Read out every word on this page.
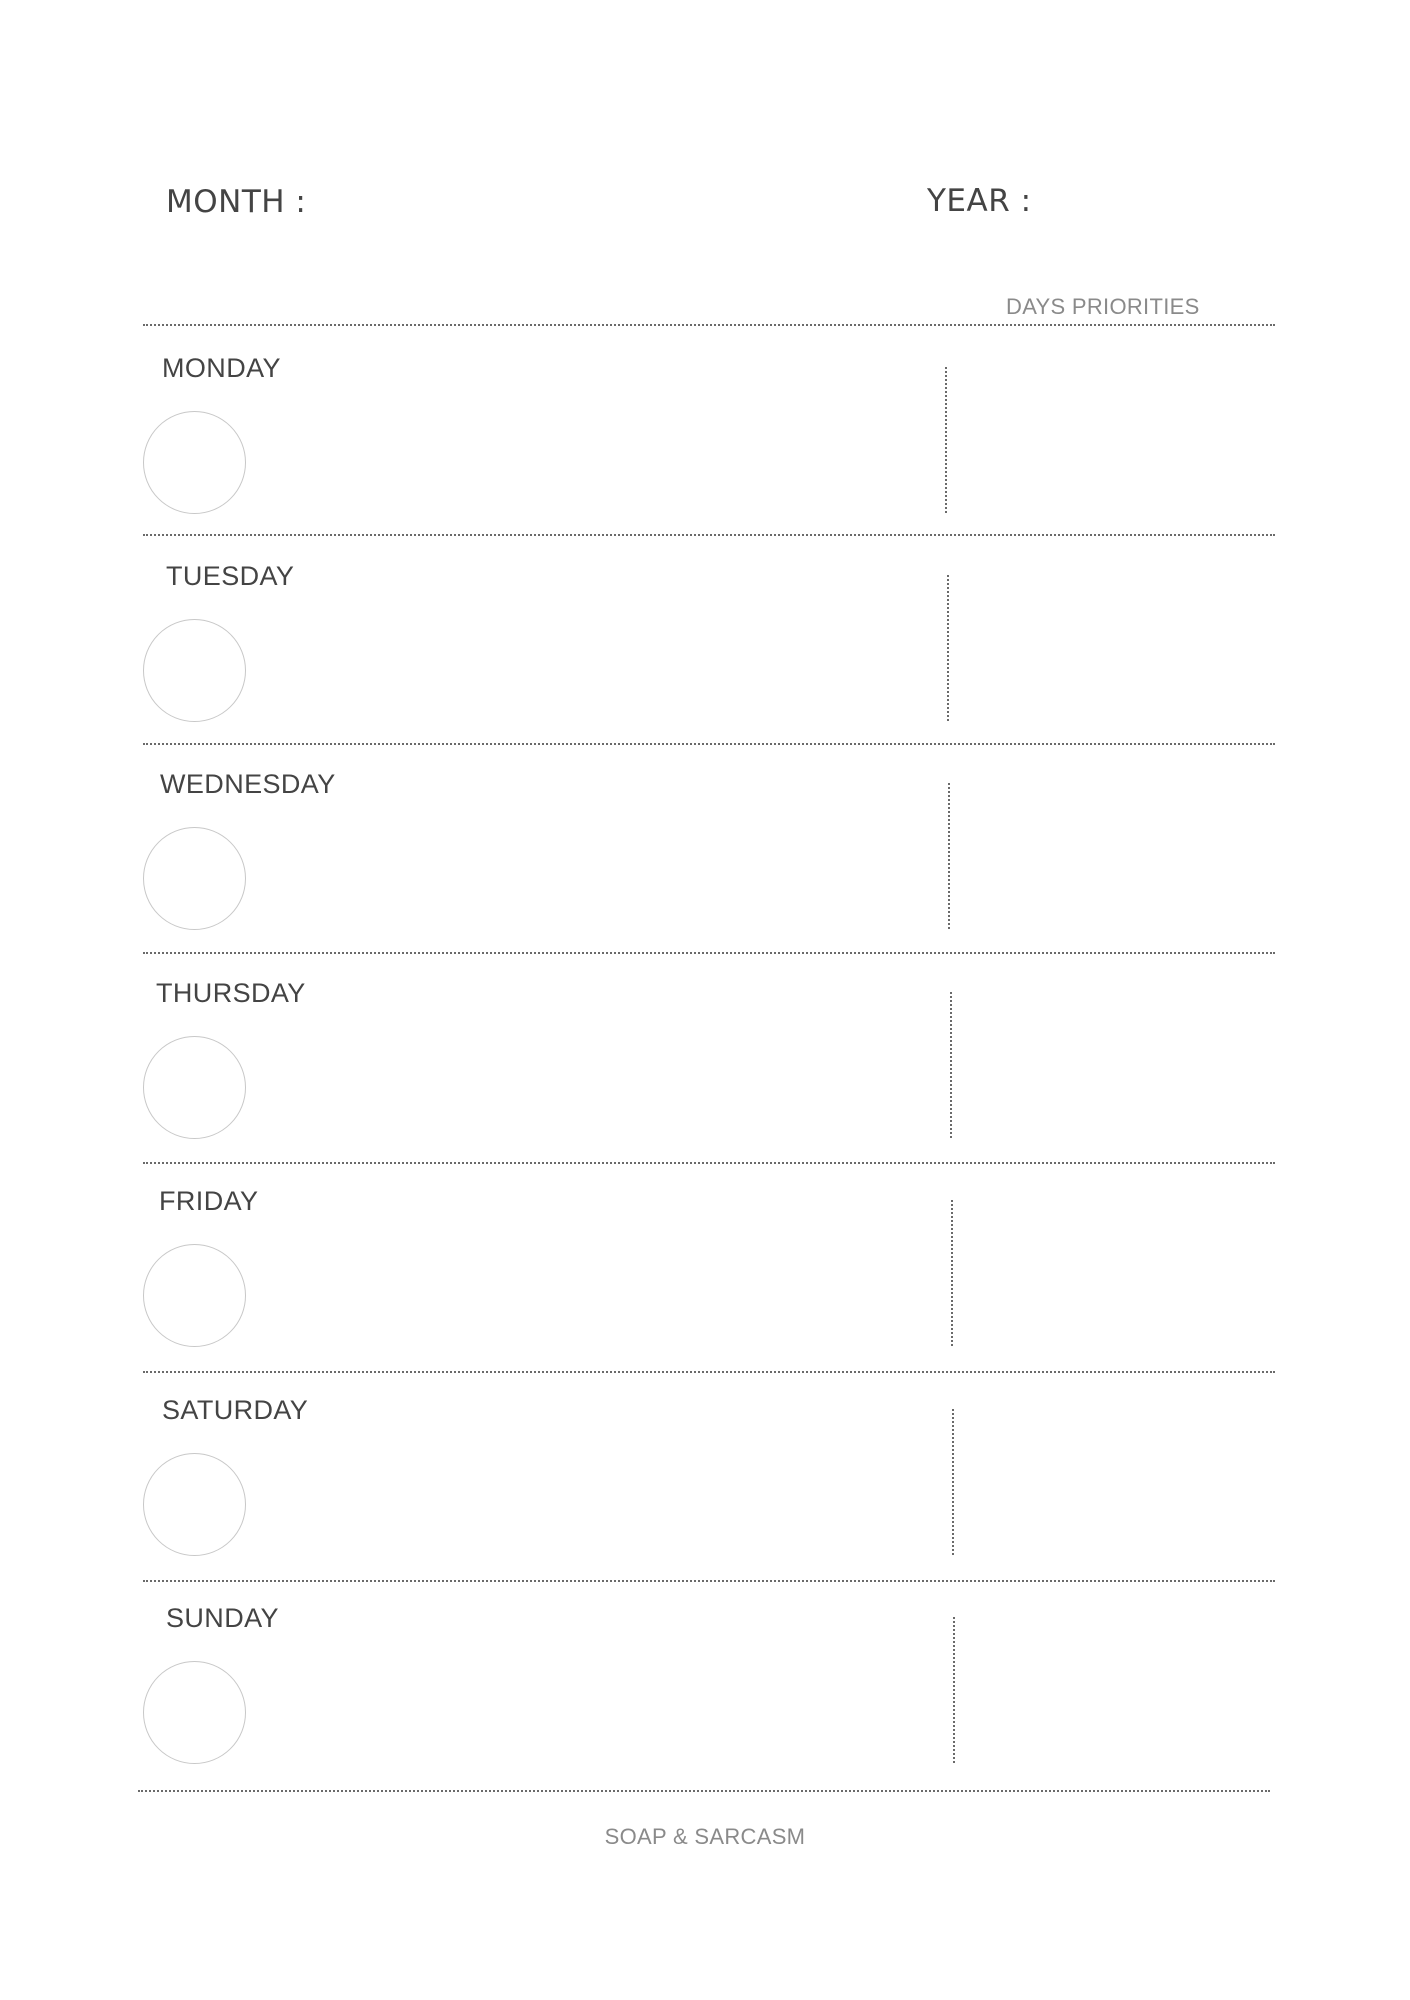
MONTH :	YEAR :
DAYS PRIORITIES
MONDAY
TUESDAY
WEDNESDAY
THURSDAY
FRIDAY
SATURDAY
SUNDAY
SOAP & SARCASM
